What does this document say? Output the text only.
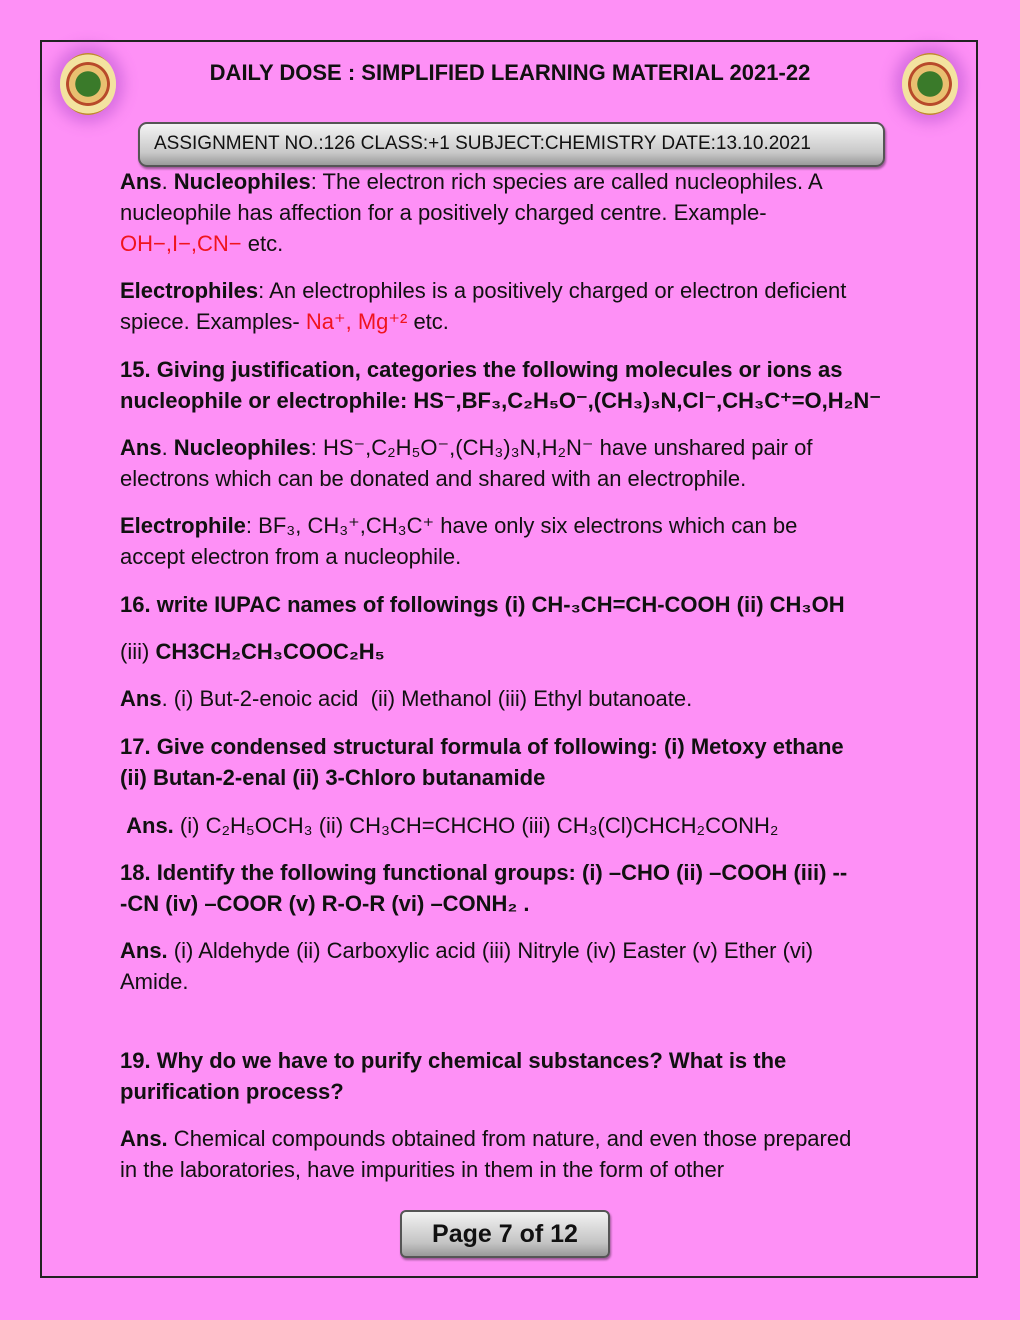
DAILY DOSE : SIMPLIFIED LEARNING MATERIAL 2021-22
ASSIGNMENT NO.:126 CLASS:+1 SUBJECT:CHEMISTRY DATE:13.10.2021
Ans. Nucleophiles: The electron rich species are called nucleophiles. A
nucleophile has affection for a positively charged centre. Example-
OH−,I−,CN− etc.
Electrophiles: An electrophiles is a positively charged or electron deficient
spiece. Examples- Na⁺, Mg⁺² etc.
15. Giving justification, categories the following molecules or ions as
nucleophile or electrophile: HS⁻,BF₃,C₂H₅O⁻,(CH₃)₃N,Cl⁻,CH₃C⁺=O,H₂N⁻
Ans. Nucleophiles: HS⁻,C₂H₅O⁻,(CH₃)₃N,H₂N⁻ have unshared pair of
electrons which can be donated and shared with an electrophile.
Electrophile: BF₃, CH₃⁺,CH₃C⁺ have only six electrons which can be
accept electron from a nucleophile.
16. write IUPAC names of followings (i) CH-₃CH=CH-COOH (ii) CH₃OH
(iii) CH3CH₂CH₃COOC₂H₅
Ans. (i) But-2-enoic acid  (ii) Methanol (iii) Ethyl butanoate.
17. Give condensed structural formula of following: (i) Metoxy ethane
(ii) Butan-2-enal (ii) 3-Chloro butanamide
Ans. (i) C₂H₅OCH₃ (ii) CH₃CH=CHCHO (iii) CH₃(Cl)CHCH₂CONH₂
18. Identify the following functional groups: (i) –CHO (ii) –COOH (iii) --
-CN (iv) –COOR (v) R-O-R (vi) –CONH₂ .
Ans. (i) Aldehyde (ii) Carboxylic acid (iii) Nitryle (iv) Easter (v) Ether (vi)
Amide.
19. Why do we have to purify chemical substances? What is the
purification process?
Ans. Chemical compounds obtained from nature, and even those prepared
in the laboratories, have impurities in them in the form of other
Page 7 of 12
